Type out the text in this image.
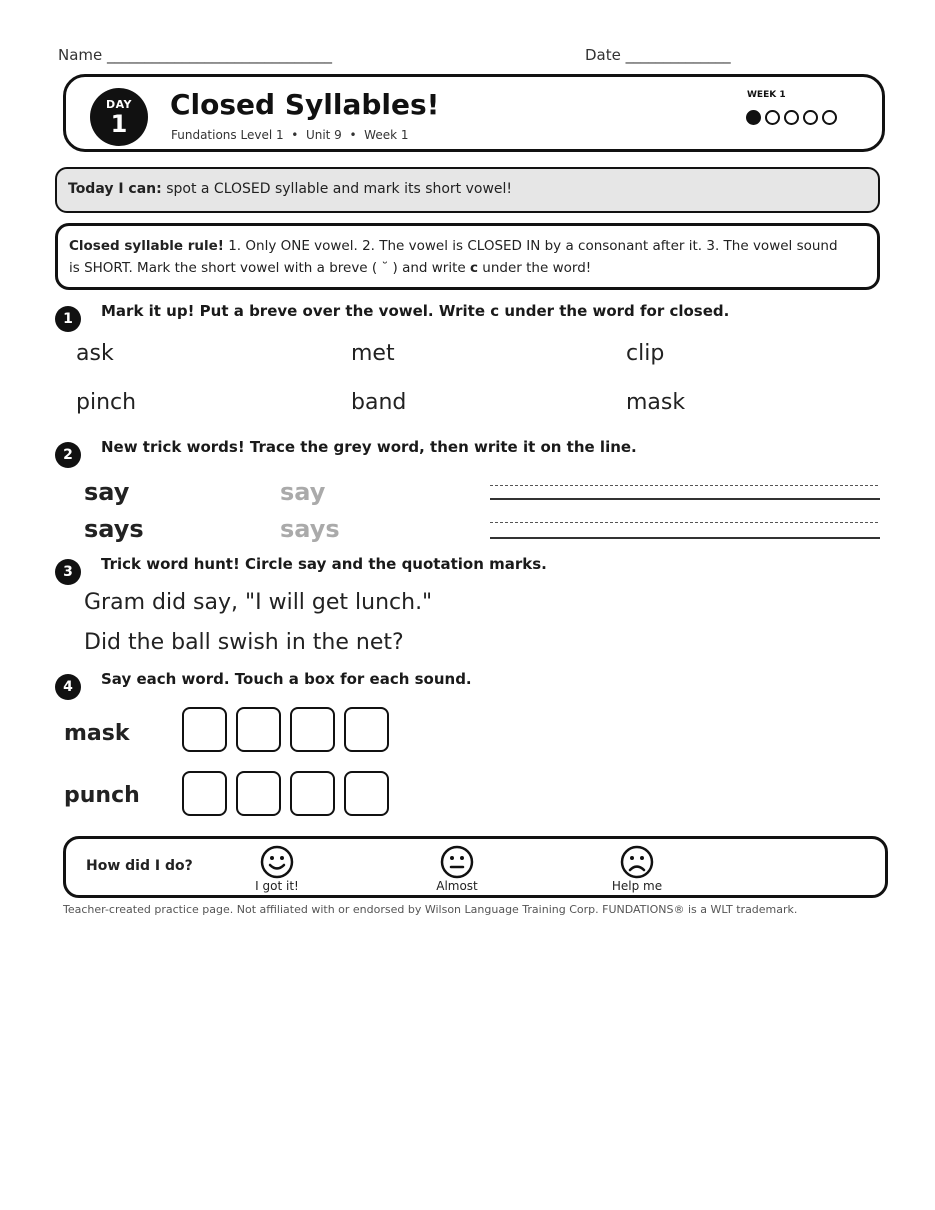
Name ______________________________	Date ______________
DAY
1
Closed Syllables!
Fundations Level 1  •  Unit 9  •  Week 1
WEEK 1
Today I can: spot a CLOSED syllable and mark its short vowel!
Closed syllable rule! 1. Only ONE vowel. 2. The vowel is CLOSED IN by a consonant after it. 3. The vowel sound is SHORT. Mark the short vowel with a breve ( ˘ ) and write c under the word!
1	Mark it up! Put a breve over the vowel. Write c under the word for closed.
ask	met	clip
pinch	band	mask
2	New trick words! Trace the grey word, then write it on the line.
say	say
says	says
3	Trick word hunt! Circle say and the quotation marks.
Gram did say, "I will get lunch."
Did the ball swish in the net?
4	Say each word. Touch a box for each sound.
mask
punch
How did I do?
I got it!	Almost	Help me
Teacher-created practice page. Not affiliated with or endorsed by Wilson Language Training Corp. FUNDATIONS® is a WLT trademark.
